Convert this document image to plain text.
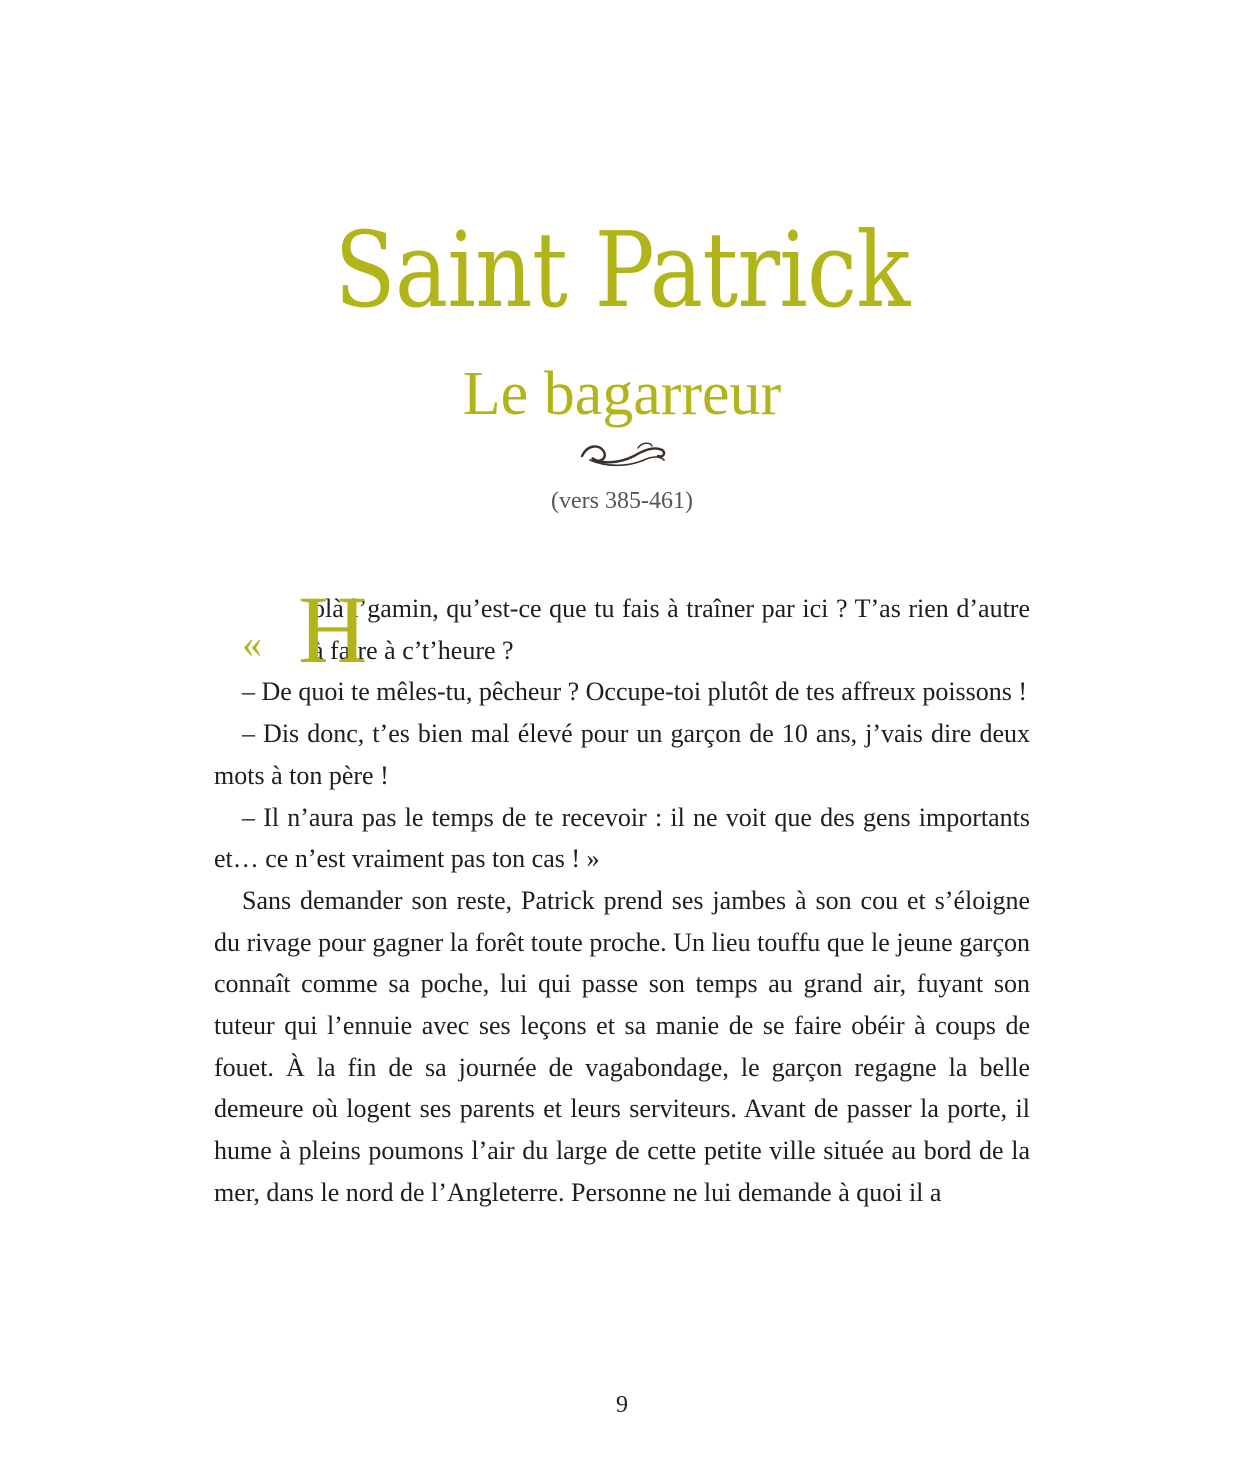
Saint Patrick
Le bagarreur
(vers 385-461)

« H
olà l’gamin, qu’est-ce que tu fais à traîner par ici ? T’as rien d’autre à faire à c’t’heure ?

– De quoi te mêles-tu, pêcheur ? Occupe-toi plutôt de tes affreux poissons !

– Dis donc, t’es bien mal élevé pour un garçon de 10 ans, j’vais dire deux mots à ton père !

– Il n’aura pas le temps de te recevoir : il ne voit que des gens importants et… ce n’est vraiment pas ton cas ! »

Sans demander son reste, Patrick prend ses jambes à son cou et s’éloigne du rivage pour gagner la forêt toute proche. Un lieu touffu que le jeune garçon connaît comme sa poche, lui qui passe son temps au grand air, fuyant son tuteur qui l’ennuie avec ses leçons et sa manie de se faire obéir à coups de fouet. À la fin de sa journée de vagabondage, le garçon regagne la belle demeure où logent ses parents et leurs serviteurs. Avant de passer la porte, il hume à pleins poumons l’air du large de cette petite ville située au bord de la mer, dans le nord de l’Angleterre. Personne ne lui demande à quoi il a

9
